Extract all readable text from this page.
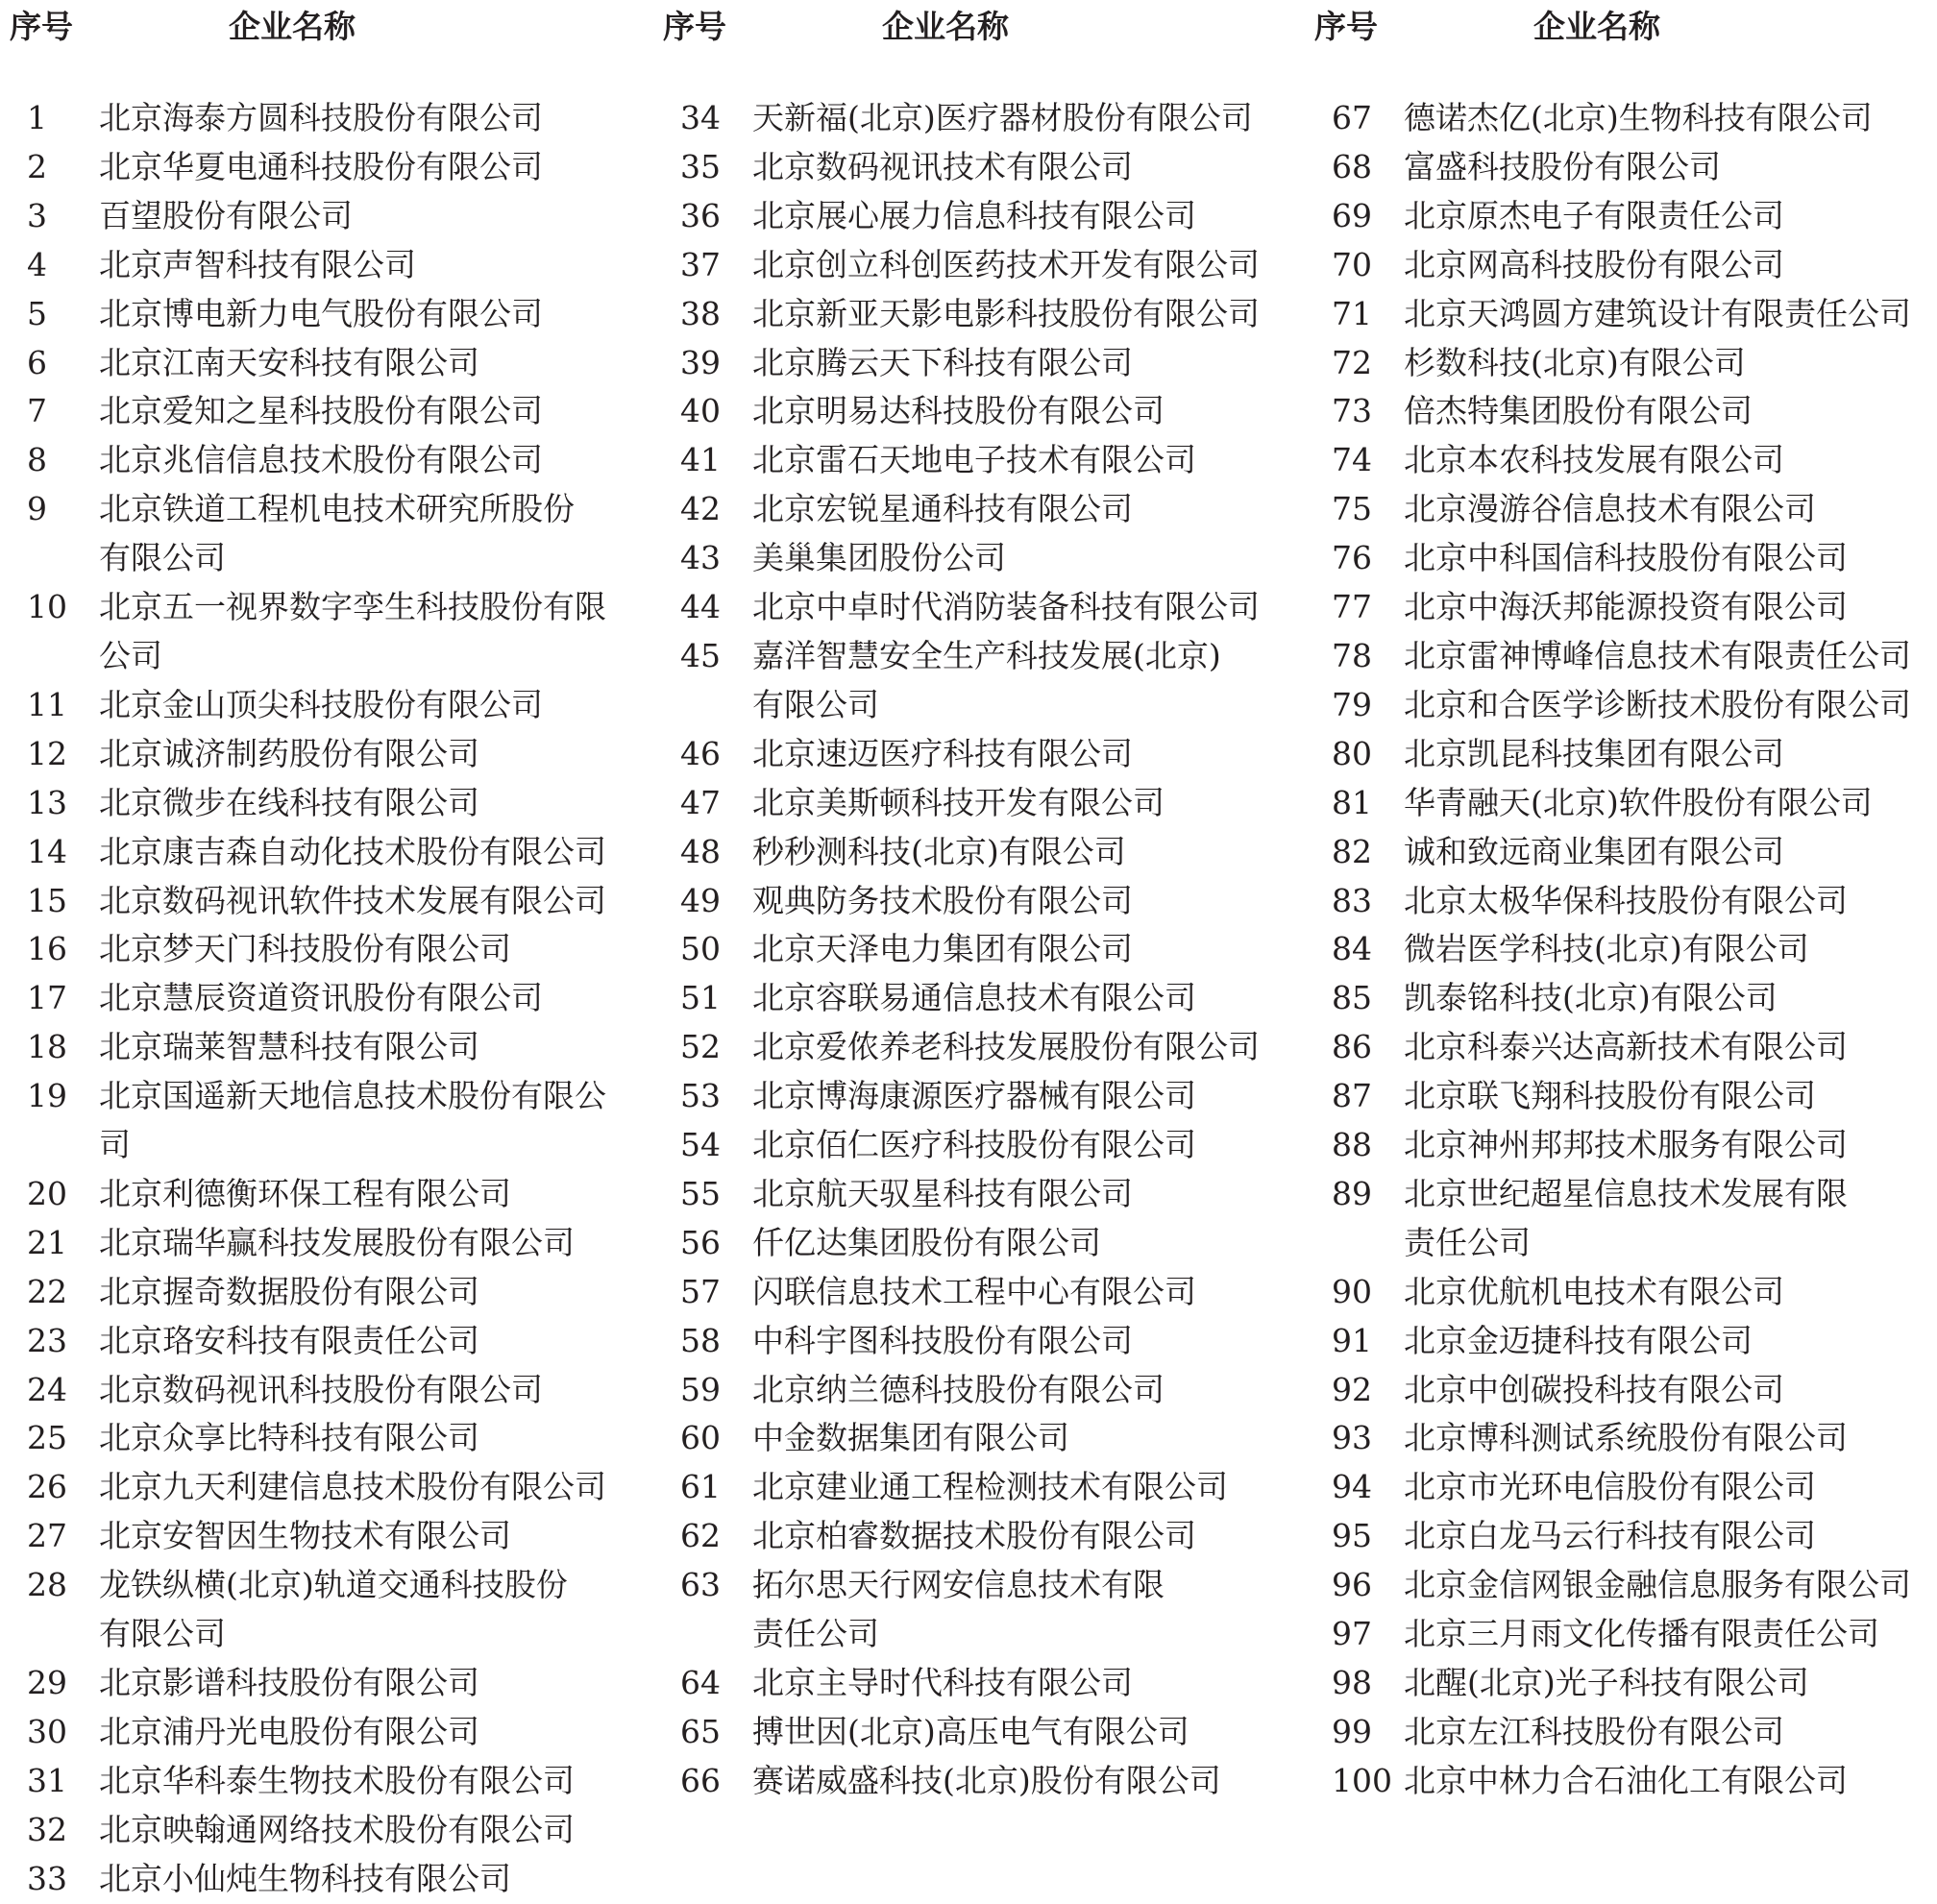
序号	企业名称
1	北京海泰方圆科技股份有限公司
2	北京华夏电通科技股份有限公司
3	百望股份有限公司
4	北京声智科技有限公司
5	北京博电新力电气股份有限公司
6	北京江南天安科技有限公司
7	北京爱知之星科技股份有限公司
8	北京兆信信息技术股份有限公司
9	北京铁道工程机电技术研究所股份
有限公司
10	北京五一视界数字孪生科技股份有限公司
11	北京金山顶尖科技股份有限公司
12	北京诚济制药股份有限公司
13	北京微步在线科技有限公司
14	北京康吉森自动化技术股份有限公司
15	北京数码视讯软件技术发展有限公司
16	北京梦天门科技股份有限公司
17	北京慧辰资道资讯股份有限公司
18	北京瑞莱智慧科技有限公司
19	北京国遥新天地信息技术股份有限公司
20	北京利德衡环保工程有限公司
21	北京瑞华赢科技发展股份有限公司
22	北京握奇数据股份有限公司
23	北京珞安科技有限责任公司
24	北京数码视讯科技股份有限公司
25	北京众享比特科技有限公司
26	北京九天利建信息技术股份有限公司
27	北京安智因生物技术有限公司
28	龙铁纵横(北京)轨道交通科技股份
有限公司
29	北京影谱科技股份有限公司
30	北京浦丹光电股份有限公司
31	北京华科泰生物技术股份有限公司
32	北京映翰通网络技术股份有限公司
33	北京小仙炖生物科技有限公司
序号	企业名称
34	天新福(北京)医疗器材股份有限公司
35	北京数码视讯技术有限公司
36	北京展心展力信息科技有限公司
37	北京创立科创医药技术开发有限公司
38	北京新亚天影电影科技股份有限公司
39	北京腾云天下科技有限公司
40	北京明易达科技股份有限公司
41	北京雷石天地电子技术有限公司
42	北京宏锐星通科技有限公司
43	美巢集团股份公司
44	北京中卓时代消防装备科技有限公司
45	嘉洋智慧安全生产科技发展(北京)
有限公司
46	北京速迈医疗科技有限公司
47	北京美斯顿科技开发有限公司
48	秒秒测科技(北京)有限公司
49	观典防务技术股份有限公司
50	北京天泽电力集团有限公司
51	北京容联易通信息技术有限公司
52	北京爱侬养老科技发展股份有限公司
53	北京博海康源医疗器械有限公司
54	北京佰仁医疗科技股份有限公司
55	北京航天驭星科技有限公司
56	仟亿达集团股份有限公司
57	闪联信息技术工程中心有限公司
58	中科宇图科技股份有限公司
59	北京纳兰德科技股份有限公司
60	中金数据集团有限公司
61	北京建业通工程检测技术有限公司
62	北京柏睿数据技术股份有限公司
63	拓尔思天行网安信息技术有限
责任公司
64	北京主导时代科技有限公司
65	搏世因(北京)高压电气有限公司
66	赛诺威盛科技(北京)股份有限公司
序号	企业名称
67	德诺杰亿(北京)生物科技有限公司
68	富盛科技股份有限公司
69	北京原杰电子有限责任公司
70	北京网高科技股份有限公司
71	北京天鸿圆方建筑设计有限责任公司
72	杉数科技(北京)有限公司
73	倍杰特集团股份有限公司
74	北京本农科技发展有限公司
75	北京漫游谷信息技术有限公司
76	北京中科国信科技股份有限公司
77	北京中海沃邦能源投资有限公司
78	北京雷神博峰信息技术有限责任公司
79	北京和合医学诊断技术股份有限公司
80	北京凯昆科技集团有限公司
81	华青融天(北京)软件股份有限公司
82	诚和致远商业集团有限公司
83	北京太极华保科技股份有限公司
84	微岩医学科技(北京)有限公司
85	凯泰铭科技(北京)有限公司
86	北京科泰兴达高新技术有限公司
87	北京联飞翔科技股份有限公司
88	北京神州邦邦技术服务有限公司
89	北京世纪超星信息技术发展有限
责任公司
90	北京优航机电技术有限公司
91	北京金迈捷科技有限公司
92	北京中创碳投科技有限公司
93	北京博科测试系统股份有限公司
94	北京市光环电信股份有限公司
95	北京白龙马云行科技有限公司
96	北京金信网银金融信息服务有限公司
97	北京三月雨文化传播有限责任公司
98	北醒(北京)光子科技有限公司
99	北京左江科技股份有限公司
100 北京中林力合石油化工有限公司
